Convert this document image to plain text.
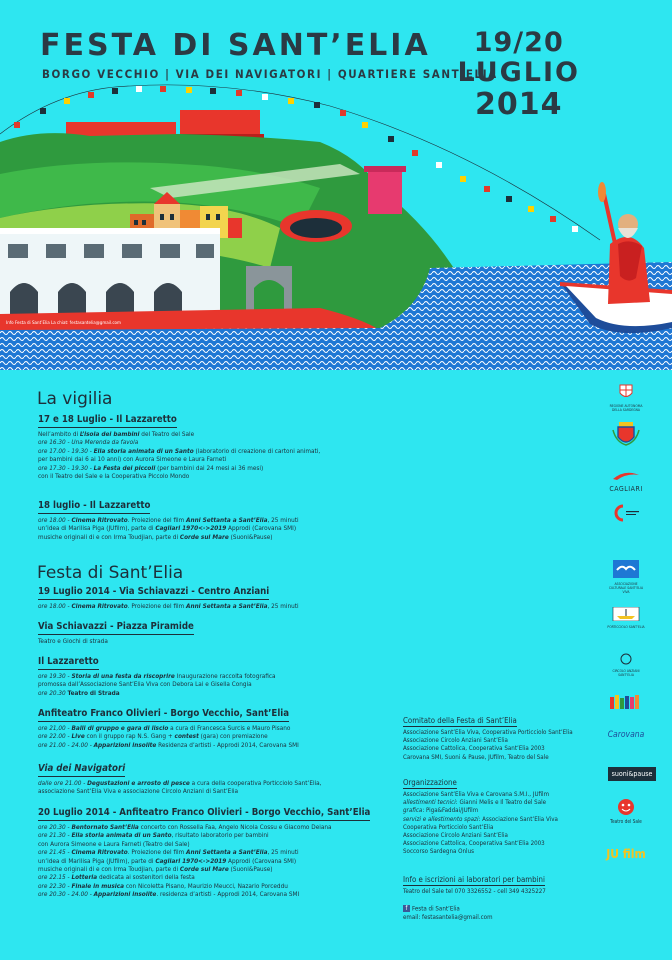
FESTA DI SANT’ELIA
BORGO VECCHIO | VIA DEI NAVIGATORI | QUARTIERE SANT’ELIA
19/20
LUGLIO
2014
Info Festa di Sant’Elia La chiat: festasantelia@gmail.com
La vigilia
17 e 18 Luglio - Il Lazzaretto
Nell’ambito di L’isola dei bambini del Teatro del Sale
ore 16.30 - Una Merenda da favola
ore 17.00 - 19.30 - Ella storia animata di un Santo (laboratorio di creazione di cartoni animati,
per bambini dai 6 ai 10 anni) con Aurora Simeone e Laura Farneti
ore 17.30 - 19.30 - La Festa dei piccoli (per bambini dai 24 mesi ai 36 mesi)
con il Teatro del Sale e la Cooperativa Piccolo Mondo
18 luglio - Il Lazzaretto
ore 18.00 - Cinema Ritrovato. Proiezione del film Anni Settanta a Sant’Elia, 25 minuti
un’idea di Marilisa Piga (JUfilm), parte di Cagliari 1970<->2019 Approdi (Carovana SMI)
musiche originali di e con Irma Toudjian, parte di Corde sul Mare (Suoni&Pause)
Festa di Sant’Elia
19 Luglio 2014 - Via Schiavazzi - Centro Anziani
ore 18.00 - Cinema Ritrovato. Proiezione del film Anni Settanta a Sant’Elia, 25 minuti
Via Schiavazzi - Piazza Piramide
Teatro e Giochi di strada
Il Lazzaretto
ore 19.30 - Storia di una festa da riscoprire Inaugurazione raccolta fotografica
promossa dall’Associazione Sant’Elia Viva con Debora Lai e Gisella Congia
ore 20.30 Teatro di Strada
Anfiteatro Franco Olivieri - Borgo Vecchio, Sant’Elia
ore 21,00 - Balli di gruppo e gara di liscio a cura di Francesca Surcis e Mauro Pisano
ore 22.00 - Live con il gruppo rap N.S. Gang + contest (gara) con premiazione
ore 21.00 - 24.00 - Apparizioni insolite Residenza d’artisti - Approdi 2014, Carovana SMI
Via dei Navigatori
dalle ore 21.00 - Degustazioni e arrosto di pesce a cura della cooperativa Porticciolo Sant’Elia,
associazione Sant’Elia Viva e associazione Circolo Anziani di Sant’Elia
20 Luglio 2014 - Anfiteatro Franco Olivieri - Borgo Vecchio, Sant’Elia
ore 20.30 - Bentornato Sant’Elia concerto con Rossella Faa, Angelo Nicola Cossu e Giacomo Deiana
ore 21.30 - Ella storia animata di un Santo, risultato laboratorio per bambini
con Aurora Simeone e Laura Farneti (Teatro del Sale)
ore 21.45 - Cinema Ritrovato. Proiezione del film Anni Settanta a Sant’Elia, 25 minuti
un’idea di Marilisa Piga (JUfilm), parte di Cagliari 1970<->2019 Approdi (Carovana SMI)
musiche originali di e con Irma Toudjian, parte di Corde sul Mare (Suoni&Pause)
ore 22.15 - Lotteria dedicata ai sostenitori della festa
ore 22.30 - Finale in musica con Nicoletta Pisano, Maurizio Meucci, Nazario Porceddu
ore 20.30 - 24.00 - Apparizioni insolite. residenza d’artisti - Approdi 2014, Carovana SMI
Comitato della Festa di Sant’Elia
Associazione Sant’Elia Viva, Cooperativa Porticciolo Sant’Elia
Associazione Circolo Anziani Sant’Elia
Associazione Cattolica, Cooperativa Sant’Elia 2003
Carovana SMI, Suoni & Pause, JUfilm, Teatro del Sale
Organizzazione
Associazione Sant’Elia Viva e Carovana S.M.I., JUfilm
allestimenti tecnici: Gianni Melis e Il Teatro del Sale
grafica: Piga&Faddai/JUfilm
servizi e allestimento spazi: Associazione Sant’Elia Viva
Cooperativa Porticciolo Sant’Elia
Associazione Circolo Anziani Sant’Elia
Associazione Cattolica, Cooperativa Sant’Elia 2003
Soccorso Sardegna Onlus
Info e iscrizioni ai laboratori per bambini
Teatro del Sale tel 070 3326552 - cell 349 4325227
f Festa di Sant’Elia
email: festasantelia@gmail.com
REGIONE AUTONOMA DELLA SARDEGNA
CAGLIARI
ASSOCIAZIONE CULTURALE SANT’ELIA VIVA
PORTICCIOLO SANT’ELIA
CIRCOLO ANZIANI SANT’ELIA
Carovana
suoni&pause
Teatro del Sale
JU film
